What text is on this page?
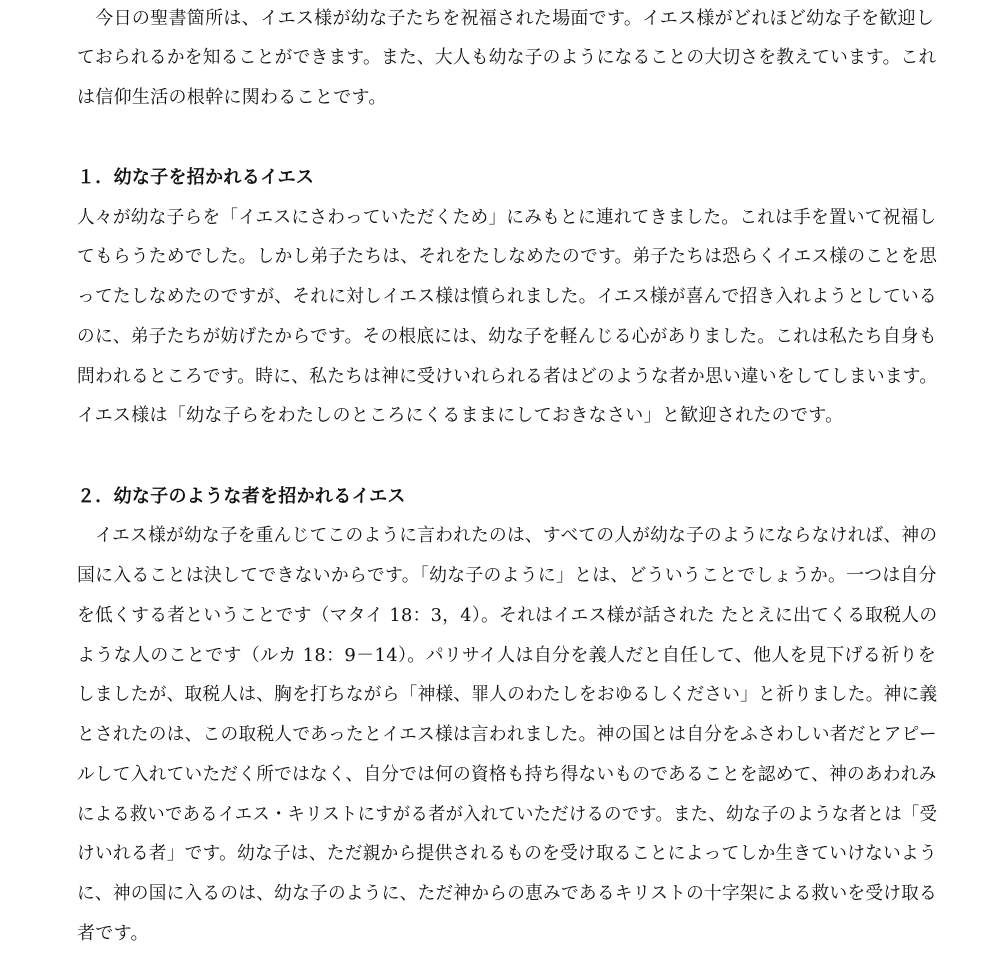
　今日の聖書箇所は、イエス様が幼な子たちを祝福された場面です。イエス様がどれほど幼な子を歓迎し
ておられるかを知ることができます。また、大人も幼な子のようになることの大切さを教えています。これ
は信仰生活の根幹に関わることです。
１．幼な子を招かれるイエス
人々が幼な子らを「イエスにさわっていただくため」にみもとに連れてきました。これは手を置いて祝福し
てもらうためでした。しかし弟子たちは、それをたしなめたのです。弟子たちは恐らくイエス様のことを思
ってたしなめたのですが、それに対しイエス様は憤られました。イエス様が喜んで招き入れようとしている
のに、弟子たちが妨げたからです。その根底には、幼な子を軽んじる心がありました。これは私たち自身も
問われるところです。時に、私たちは神に受けいれられる者はどのような者か思い違いをしてしまいます。
イエス様は「幼な子らをわたしのところにくるままにしておきなさい」と歓迎されたのです。
２．幼な子のような者を招かれるイエス
　イエス様が幼な子を重んじてこのように言われたのは、すべての人が幼な子のようにならなければ、神の
国に入ることは決してできないからです。「幼な子のように」とは、どういうことでしょうか。一つは自分
を低くする者ということです（マタイ 18：3，4）。それはイエス様が話された たとえに出てくる取税人の
ような人のことです（ルカ 18：9－14）。パリサイ人は自分を義人だと自任して、他人を見下げる祈りを
しましたが、取税人は、胸を打ちながら「神様、罪人のわたしをおゆるしください」と祈りました。神に義
とされたのは、この取税人であったとイエス様は言われました。神の国とは自分をふさわしい者だとアピー
ルして入れていただく所ではなく、自分では何の資格も持ち得ないものであることを認めて、神のあわれみ
による救いであるイエス・キリストにすがる者が入れていただけるのです。また、幼な子のような者とは「受
けいれる者」です。幼な子は、ただ親から提供されるものを受け取ることによってしか生きていけないよう
に、神の国に入るのは、幼な子のように、ただ神からの恵みであるキリストの十字架による救いを受け取る
者です。
